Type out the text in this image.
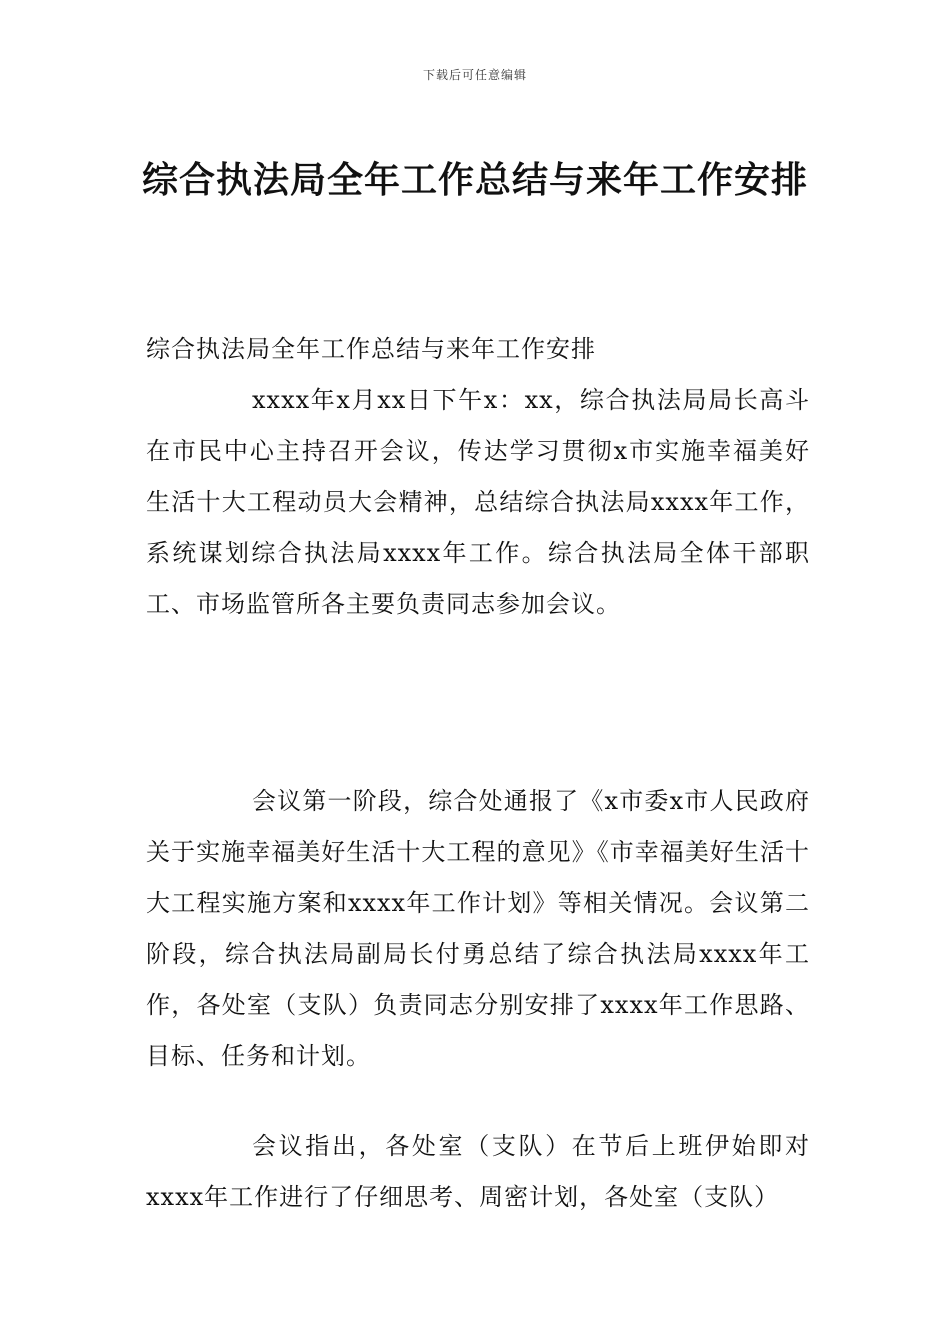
下载后可任意编辑
综合执法局全年工作总结与来年工作安排

综合执法局全年工作总结与来年工作安排

xxxx年x月xx日下午x：xx，综合执法局局长高斗在市民中心主持召开会议，传达学习贯彻x市实施幸福美好生活十大工程动员大会精神，总结综合执法局xxxx年工作，系统谋划综合执法局xxxx年工作。综合执法局全体干部职工、市场监管所各主要负责同志参加会议。

会议第一阶段，综合处通报了《x市委x市人民政府关于实施幸福美好生活十大工程的意见》《市幸福美好生活十大工程实施方案和xxxx年工作计划》等相关情况。会议第二阶段，综合执法局副局长付勇总结了综合执法局xxxx年工作，各处室（支队）负责同志分别安排了xxxx年工作思路、目标、任务和计划。

会议指出，各处室（支队）在节后上班伊始即对xxxx年工作进行了仔细思考、周密计划，各处室（支队）
